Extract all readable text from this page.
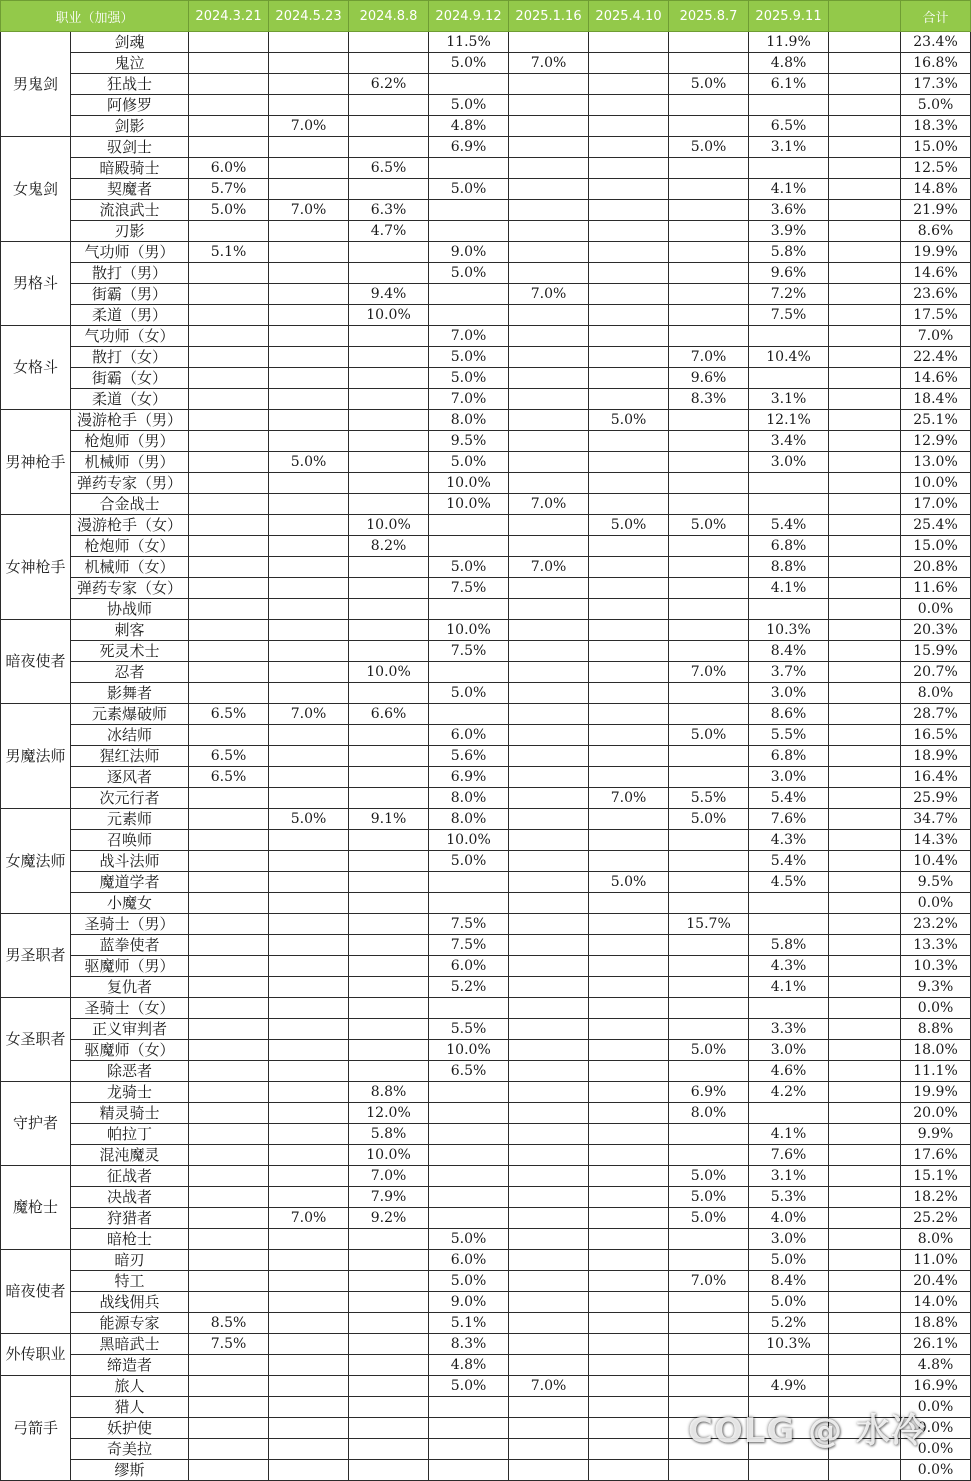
职业（加强）		2024.3.21	2024.5.23	2024.8.8	2024.9.12	2025.1.16	2025.4.10	2025.8.7	2025.9.11		合计
男鬼剑	剑魂				11.5%				11.9%		23.4%
	鬼泣				5.0%	7.0%			4.8%		16.8%
	狂战士			6.2%				5.0%	6.1%		17.3%
	阿修罗				5.0%						5.0%
	剑影		7.0%		4.8%				6.5%		18.3%
女鬼剑	驭剑士				6.9%			5.0%	3.1%		15.0%
	暗殿骑士	6.0%		6.5%							12.5%
	契魔者	5.7%			5.0%				4.1%		14.8%
	流浪武士	5.0%	7.0%	6.3%					3.6%		21.9%
	刃影			4.7%					3.9%		8.6%
男格斗	气功师（男）	5.1%			9.0%				5.8%		19.9%
	散打（男）				5.0%				9.6%		14.6%
	街霸（男）			9.4%		7.0%			7.2%		23.6%
	柔道（男）			10.0%					7.5%		17.5%
女格斗	气功师（女）				7.0%						7.0%
	散打（女）				5.0%			7.0%	10.4%		22.4%
	街霸（女）				5.0%			9.6%			14.6%
	柔道（女）				7.0%			8.3%	3.1%		18.4%
男神枪手	漫游枪手（男）				8.0%		5.0%		12.1%		25.1%
	枪炮师（男）				9.5%				3.4%		12.9%
	机械师（男）		5.0%		5.0%				3.0%		13.0%
	弹药专家（男）				10.0%						10.0%
	合金战士				10.0%	7.0%					17.0%
女神枪手	漫游枪手（女）			10.0%			5.0%	5.0%	5.4%		25.4%
	枪炮师（女）			8.2%					6.8%		15.0%
	机械师（女）				5.0%	7.0%			8.8%		20.8%
	弹药专家（女）				7.5%				4.1%		11.6%
	协战师										0.0%
暗夜使者	刺客				10.0%				10.3%		20.3%
	死灵术士				7.5%				8.4%		15.9%
	忍者			10.0%				7.0%	3.7%		20.7%
	影舞者				5.0%				3.0%		8.0%
男魔法师	元素爆破师	6.5%	7.0%	6.6%					8.6%		28.7%
	冰结师				6.0%			5.0%	5.5%		16.5%
	猩红法师	6.5%			5.6%				6.8%		18.9%
	逐风者	6.5%			6.9%				3.0%		16.4%
	次元行者				8.0%		7.0%	5.5%	5.4%		25.9%
女魔法师	元素师		5.0%	9.1%	8.0%			5.0%	7.6%		34.7%
	召唤师				10.0%				4.3%		14.3%
	战斗法师				5.0%				5.4%		10.4%
	魔道学者						5.0%		4.5%		9.5%
	小魔女										0.0%
男圣职者	圣骑士（男）				7.5%			15.7%			23.2%
	蓝拳使者				7.5%				5.8%		13.3%
	驱魔师（男）				6.0%				4.3%		10.3%
	复仇者				5.2%				4.1%		9.3%
女圣职者	圣骑士（女）										0.0%
	正义审判者				5.5%				3.3%		8.8%
	驱魔师（女）				10.0%			5.0%	3.0%		18.0%
	除恶者				6.5%				4.6%		11.1%
守护者	龙骑士			8.8%				6.9%	4.2%		19.9%
	精灵骑士			12.0%				8.0%			20.0%
	帕拉丁			5.8%					4.1%		9.9%
	混沌魔灵			10.0%					7.6%		17.6%
魔枪士	征战者			7.0%				5.0%	3.1%		15.1%
	决战者			7.9%				5.0%	5.3%		18.2%
	狩猎者		7.0%	9.2%				5.0%	4.0%		25.2%
	暗枪士				5.0%				3.0%		8.0%
暗夜使者	暗刃				6.0%				5.0%		11.0%
	特工				5.0%			7.0%	8.4%		20.4%
	战线佣兵				9.0%				5.0%		14.0%
	能源专家	8.5%			5.1%				5.2%		18.8%
外传职业	黑暗武士	7.5%			8.3%				10.3%		26.1%
	缔造者				4.8%						4.8%
弓箭手	旅人				5.0%	7.0%			4.9%		16.9%
	猎人										0.0%
	妖护使										0.0%
	奇美拉										0.0%
	缪斯										0.0%
COLG @ 水冷
